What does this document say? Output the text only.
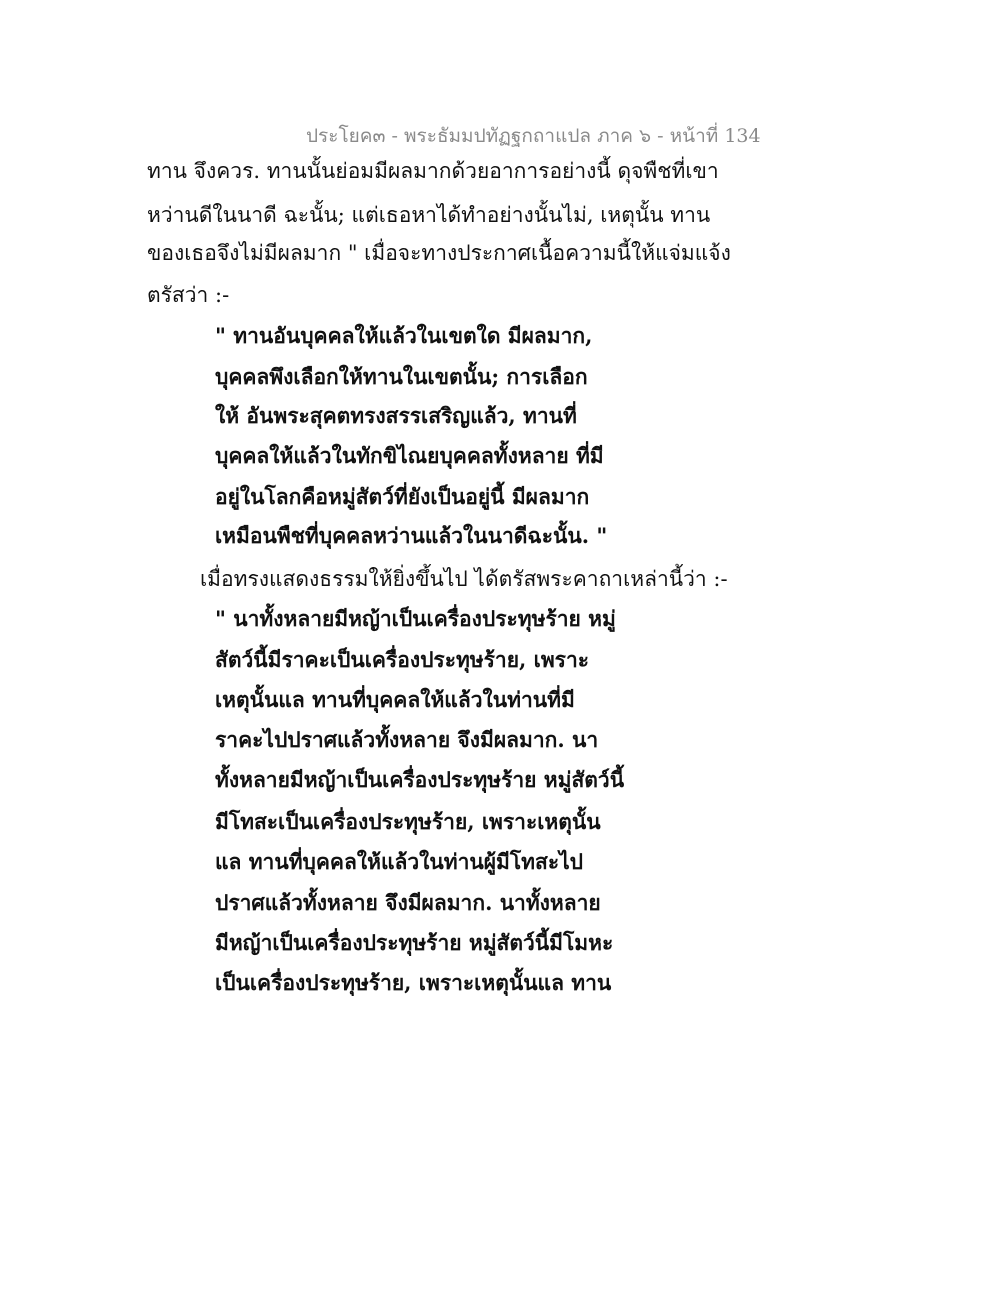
ประโยค๓ - พระธัมมปทัฏฐกถาแปล ภาค ๖ - หน้าที่ 134
ทาน จึงควร. ทานนั้นย่อมมีผลมากด้วยอาการอย่างนี้ ดุจพืชที่เขา
หว่านดีในนาดี ฉะนั้น; แต่เธอหาได้ทำอย่างนั้นไม่, เหตุนั้น ทาน
ของเธอจึงไม่มีผลมาก " เมื่อจะทางประกาศเนื้อความนี้ให้แจ่มแจ้ง
ตรัสว่า :-
" ทานอันบุคคลให้แล้วในเขตใด มีผลมาก,
บุคคลพึงเลือกให้ทานในเขตนั้น; การเลือก
ให้ อันพระสุคตทรงสรรเสริญแล้ว, ทานที่
บุคคลให้แล้วในทักขิไณยบุคคลทั้งหลาย ที่มี
อยู่ในโลกคือหมู่สัตว์ที่ยังเป็นอยู่นี้ มีผลมาก
เหมือนพืชที่บุคคลหว่านแล้วในนาดีฉะนั้น. "
เมื่อทรงแสดงธรรมให้ยิ่งขึ้นไป ได้ตรัสพระคาถาเหล่านี้ว่า :-
" นาทั้งหลายมีหญ้าเป็นเครื่องประทุษร้าย หมู่
สัตว์นี้มีราคะเป็นเครื่องประทุษร้าย, เพราะ
เหตุนั้นแล ทานที่บุคคลให้แล้วในท่านที่มี
ราคะไปปราศแล้วทั้งหลาย จึงมีผลมาก. นา
ทั้งหลายมีหญ้าเป็นเครื่องประทุษร้าย หมู่สัตว์นี้
มีโทสะเป็นเครื่องประทุษร้าย, เพราะเหตุนั้น
แล ทานที่บุคคลให้แล้วในท่านผู้มีโทสะไป
ปราศแล้วทั้งหลาย จึงมีผลมาก. นาทั้งหลาย
มีหญ้าเป็นเครื่องประทุษร้าย หมู่สัตว์นี้มีโมหะ
เป็นเครื่องประทุษร้าย, เพราะเหตุนั้นแล ทาน
